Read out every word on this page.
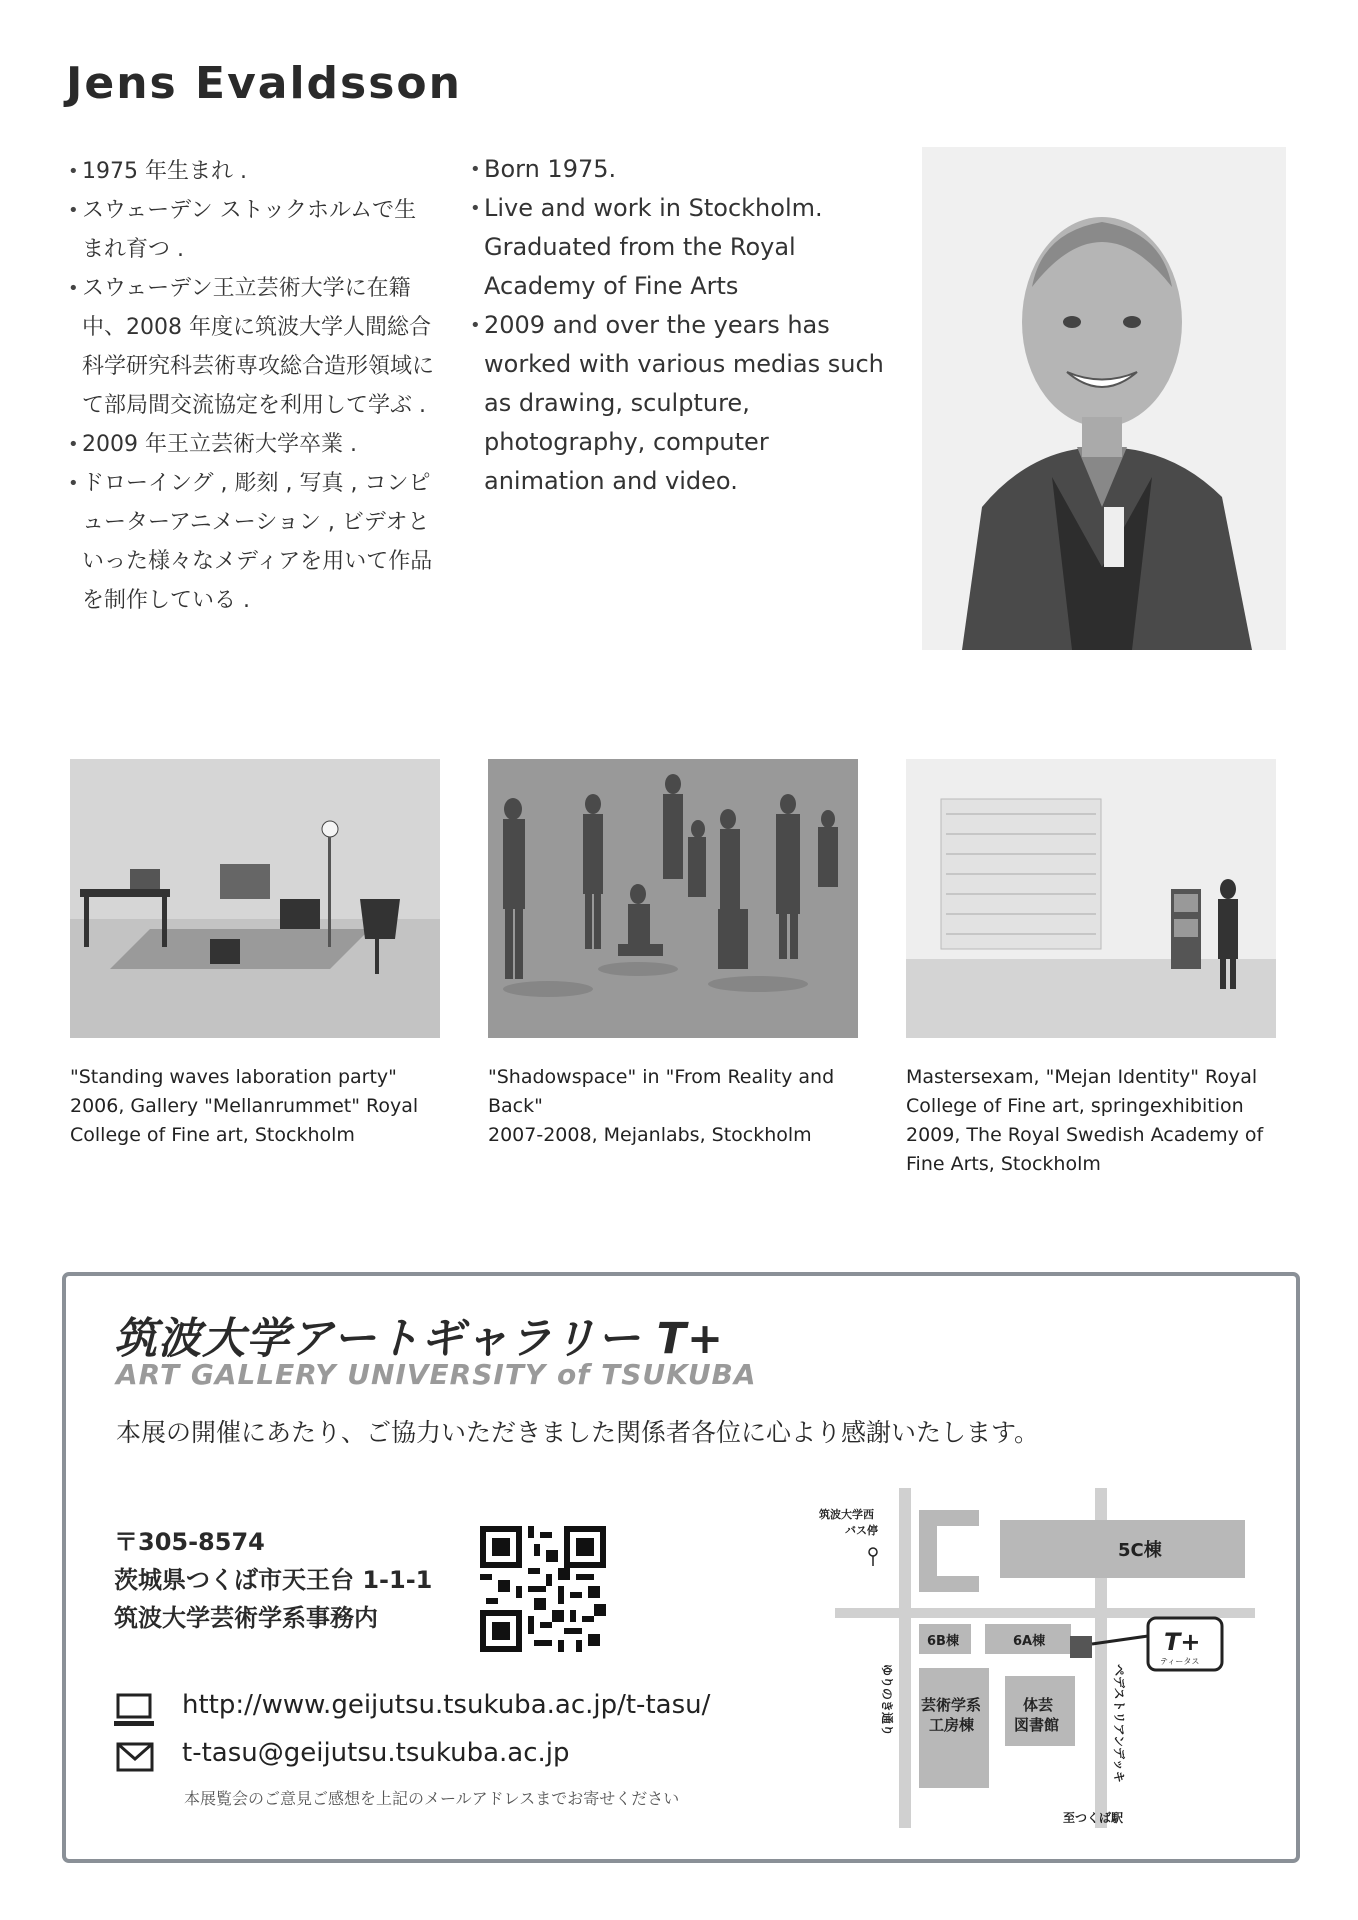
Jens Evaldsson
• 1975 年生まれ .
• スウェーデン ストックホルムで生まれ育つ .
• スウェーデン王立芸術大学に在籍中、2008 年度に筑波大学人間総合科学研究科芸術専攻総合造形領域にて部局間交流協定を利用して学ぶ .
• 2009 年王立芸術大学卒業 .
• ドローイング , 彫刻 , 写真 , コンピューターアニメーション , ビデオといった様々なメディアを用いて作品を制作している .
• Born 1975.
• Live and work in Stockholm. Graduated from the Royal Academy of Fine Arts
• 2009 and over the years has worked with various medias such as drawing, sculpture, photography, computer animation and video.
"Standing waves laboration party"
2006, Gallery "Mellanrummet" Royal
College of Fine art, Stockholm
"Shadowspace" in "From Reality and
Back"
2007-2008, Mejanlabs, Stockholm
Mastersexam, "Mejan Identity" Royal
College of Fine art, springexhibition
2009, The Royal Swedish Academy of
Fine Arts, Stockholm
筑波大学アートギャラリー T+
ART GALLERY UNIVERSITY of TSUKUBA
本展の開催にあたり、ご協力いただきました関係者各位に心より感謝いたします。
〒305-8574
茨城県つくば市天王台 1-1-1
筑波大学芸術学系事務内
http://www.geijutsu.tsukuba.ac.jp/t-tasu/
t-tasu@geijutsu.tsukuba.ac.jp
本展覧会のご意見ご感想を上記のメールアドレスまでお寄せください
T+
ティータス
筑波大学西
バス停
5C棟
6B棟	6A棟
芸術学系
工房棟
体芸
図書館
ゆりのき通り	ペデストリアンデッキ
至つくば駅
